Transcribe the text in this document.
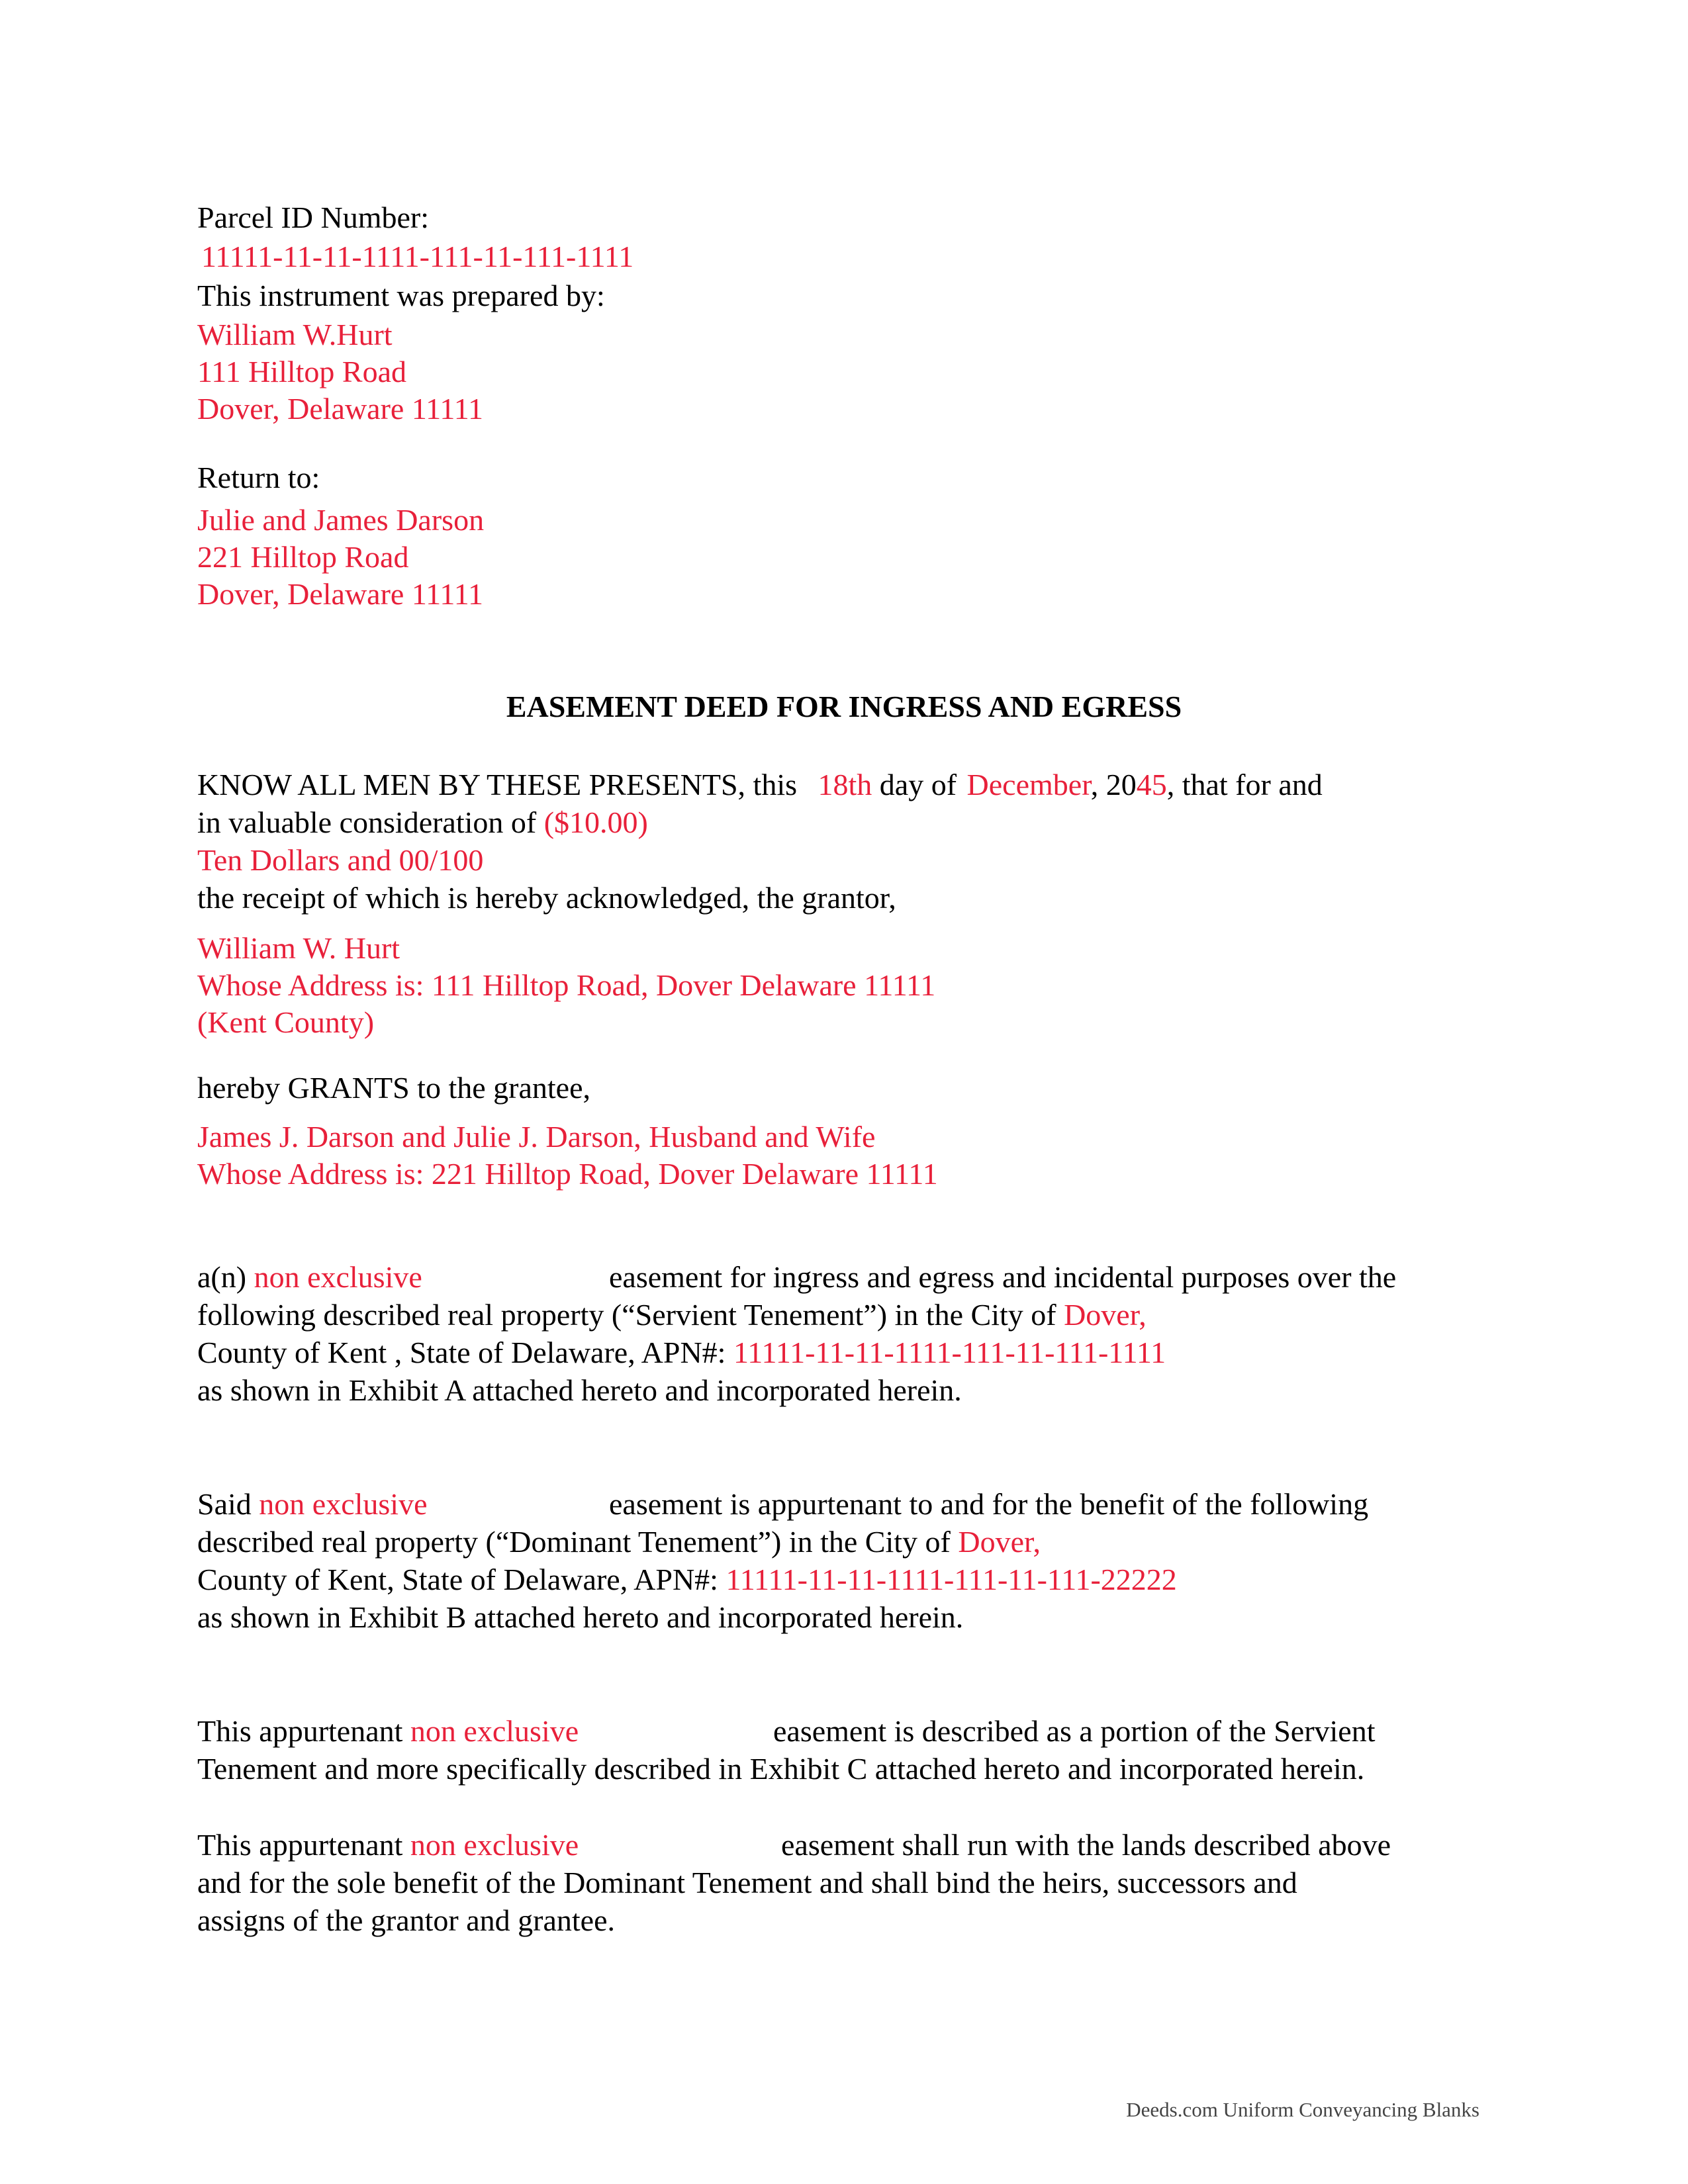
Parcel ID Number:
11111-11-11-1111-111-11-111-1111
This instrument was prepared by:
William W.Hurt
111 Hilltop Road
Dover, Delaware 11111
Return to:
Julie and James Darson
221 Hilltop Road
Dover, Delaware 11111
EASEMENT DEED FOR INGRESS AND EGRESS
KNOW ALL MEN BY THESE PRESENTS, this 18th day of December, 2045, that for and
in valuable consideration of ($10.00)
Ten Dollars and 00/100
the receipt of which is hereby acknowledged, the grantor,
William W. Hurt
Whose Address is: 111 Hilltop Road, Dover Delaware 11111
(Kent County)
hereby GRANTS to the grantee,
James J. Darson and Julie J. Darson, Husband and Wife
Whose Address is: 221 Hilltop Road, Dover Delaware 11111
a(n) non exclusive	easement for ingress and egress and incidental purposes over the
following described real property (“Servient Tenement”) in the City of Dover,
County of Kent , State of Delaware, APN#: 11111-11-11-1111-111-11-111-1111
as shown in Exhibit A attached hereto and incorporated herein.
Said non exclusive	easement is appurtenant to and for the benefit of the following
described real property (“Dominant Tenement”) in the City of Dover,
County of Kent, State of Delaware, APN#: 11111-11-11-1111-111-11-111-22222
as shown in Exhibit B attached hereto and incorporated herein.
This appurtenant non exclusive	easement is described as a portion of the Servient
Tenement and more specifically described in Exhibit C attached hereto and incorporated herein.
This appurtenant non exclusive	easement shall run with the lands described above
and for the sole benefit of the Dominant Tenement and shall bind the heirs, successors and
assigns of the grantor and grantee.
Deeds.com Uniform Conveyancing Blanks
